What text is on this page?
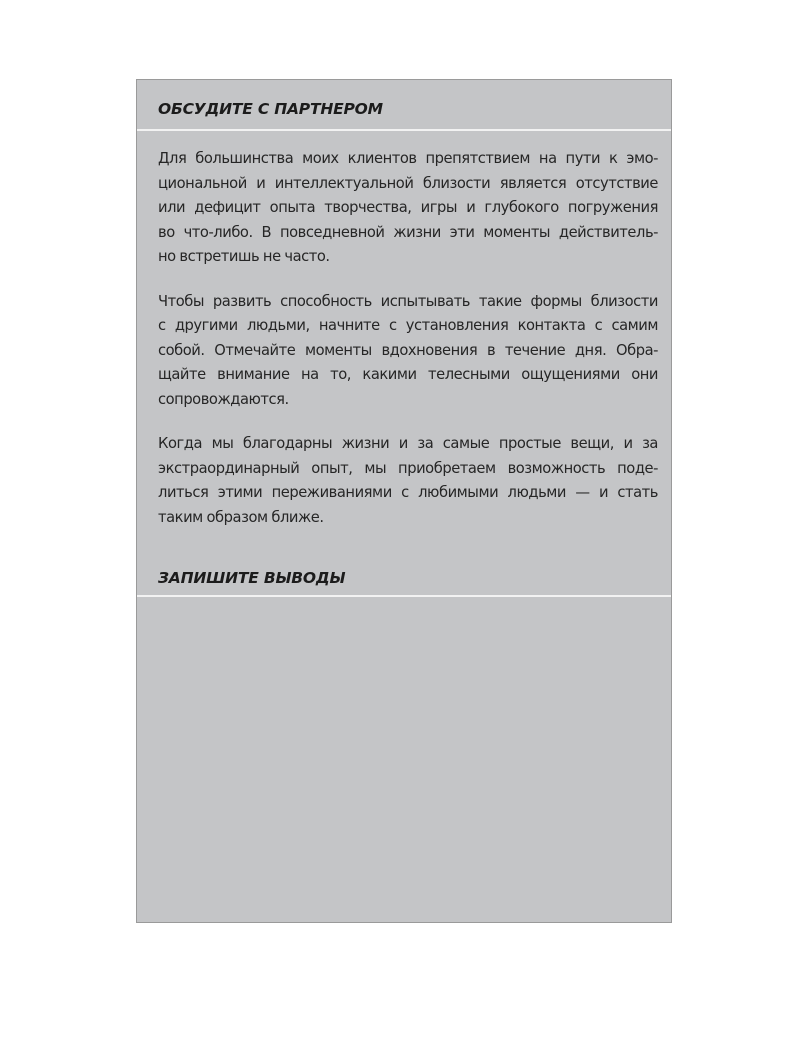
ОБСУДИТЕ С ПАРТНЕРОМ

Для большинства моих клиентов препятствием на пути к эмо-
циональной и интеллектуальной близости является отсутствие
или дефицит опыта творчества, игры и глубокого погружения
во что-либо. В повседневной жизни эти моменты действитель-
но встретишь не часто.

Чтобы развить способность испытывать такие формы близости
с другими людьми, начните с установления контакта с самим
собой. Отмечайте моменты вдохновения в течение дня. Обра-
щайте внимание на то, какими телесными ощущениями они
сопровождаются.

Когда мы благодарны жизни и за самые простые вещи, и за
экстраординарный опыт, мы приобретаем возможность поде-
литься этими переживаниями с любимыми людьми — и стать
таким образом ближе.

ЗАПИШИТЕ ВЫВОДЫ
